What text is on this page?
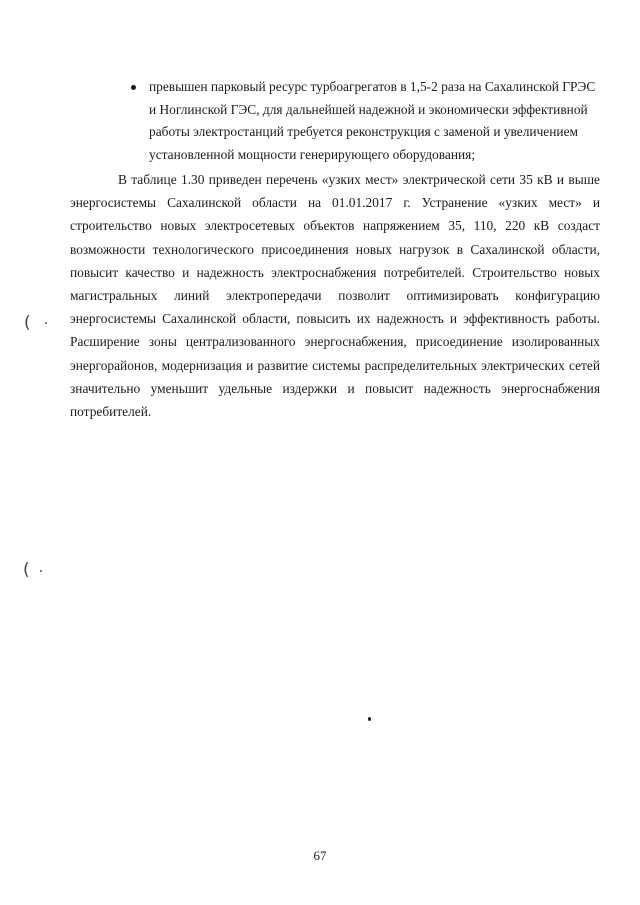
превышен парковый ресурс турбоагрегатов в 1,5-2 раза на Сахалинской ГРЭС и Ноглинской ГЭС, для дальнейшей надежной и экономически эффективной работы электростанций требуется реконструкция с заменой и увеличением установленной мощности генерирующего оборудования;

В таблице 1.30 приведен перечень «узких мест» электрической сети 35 кВ и выше энергосистемы Сахалинской области на 01.01.2017 г. Устранение «узких мест» и строительство новых электросетевых объектов напряжением 35, 110, 220 кВ создаст возможности технологического присоединения новых нагрузок в Сахалинской области, повысит качество и надежность электроснабжения потребителей. Строительство новых магистральных линий электропередачи позволит оптимизировать конфигурацию энергосистемы Сахалинской области, повысить их надежность и эффективность работы. Расширение зоны централизованного энергоснабжения, присоединение изолированных энергорайонов, модернизация и развитие системы распределительных электрических сетей значительно уменьшит удельные издержки и повысит надежность энергоснабжения потребителей.

(
(
67
